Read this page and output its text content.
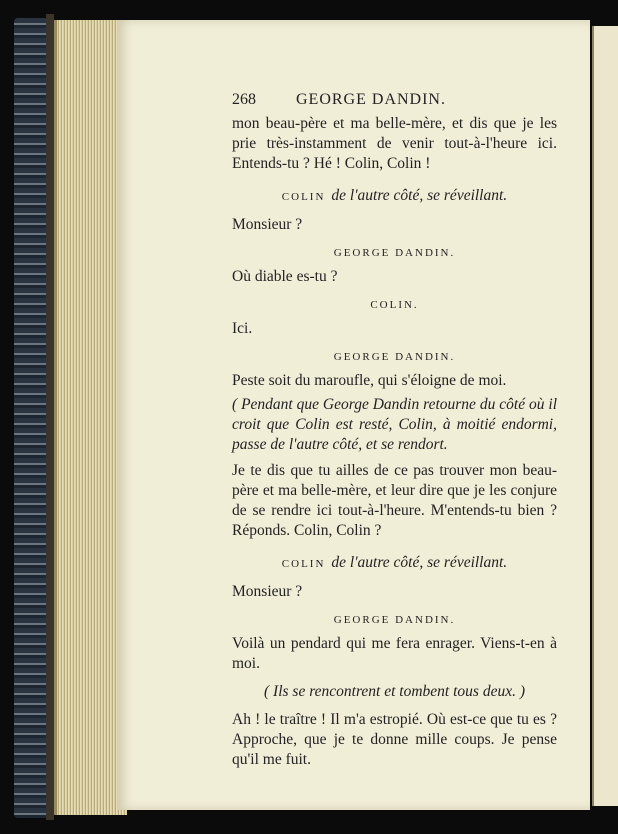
268	GEORGE DANDIN.
mon beau-père et ma belle-mère, et dis que je les prie très-instamment de venir tout-à-l'heure ici. Entends-tu ? Hé ! Colin, Colin !
COLIN de l'autre côté, se réveillant.
Monsieur ?
GEORGE DANDIN.
Où diable es-tu ?
COLIN.
Ici.
GEORGE DANDIN.
Peste soit du maroufle, qui s'éloigne de moi.
( Pendant que George Dandin retourne du côté où il croit que Colin est resté, Colin, à moitié endormi, passe de l'autre côté, et se rendort.
Je te dis que tu ailles de ce pas trouver mon beau-père et ma belle-mère, et leur dire que je les conjure de se rendre ici tout-à-l'heure. M'entends-tu bien ? Réponds. Colin, Colin ?
COLIN de l'autre côté, se réveillant.
Monsieur ?
GEORGE DANDIN.
Voilà un pendard qui me fera enrager. Viens-t-en à moi.
( Ils se rencontrent et tombent tous deux. )
Ah ! le traître ! Il m'a estropié. Où est-ce que tu es ? Approche, que je te donne mille coups. Je pense qu'il me fuit.
